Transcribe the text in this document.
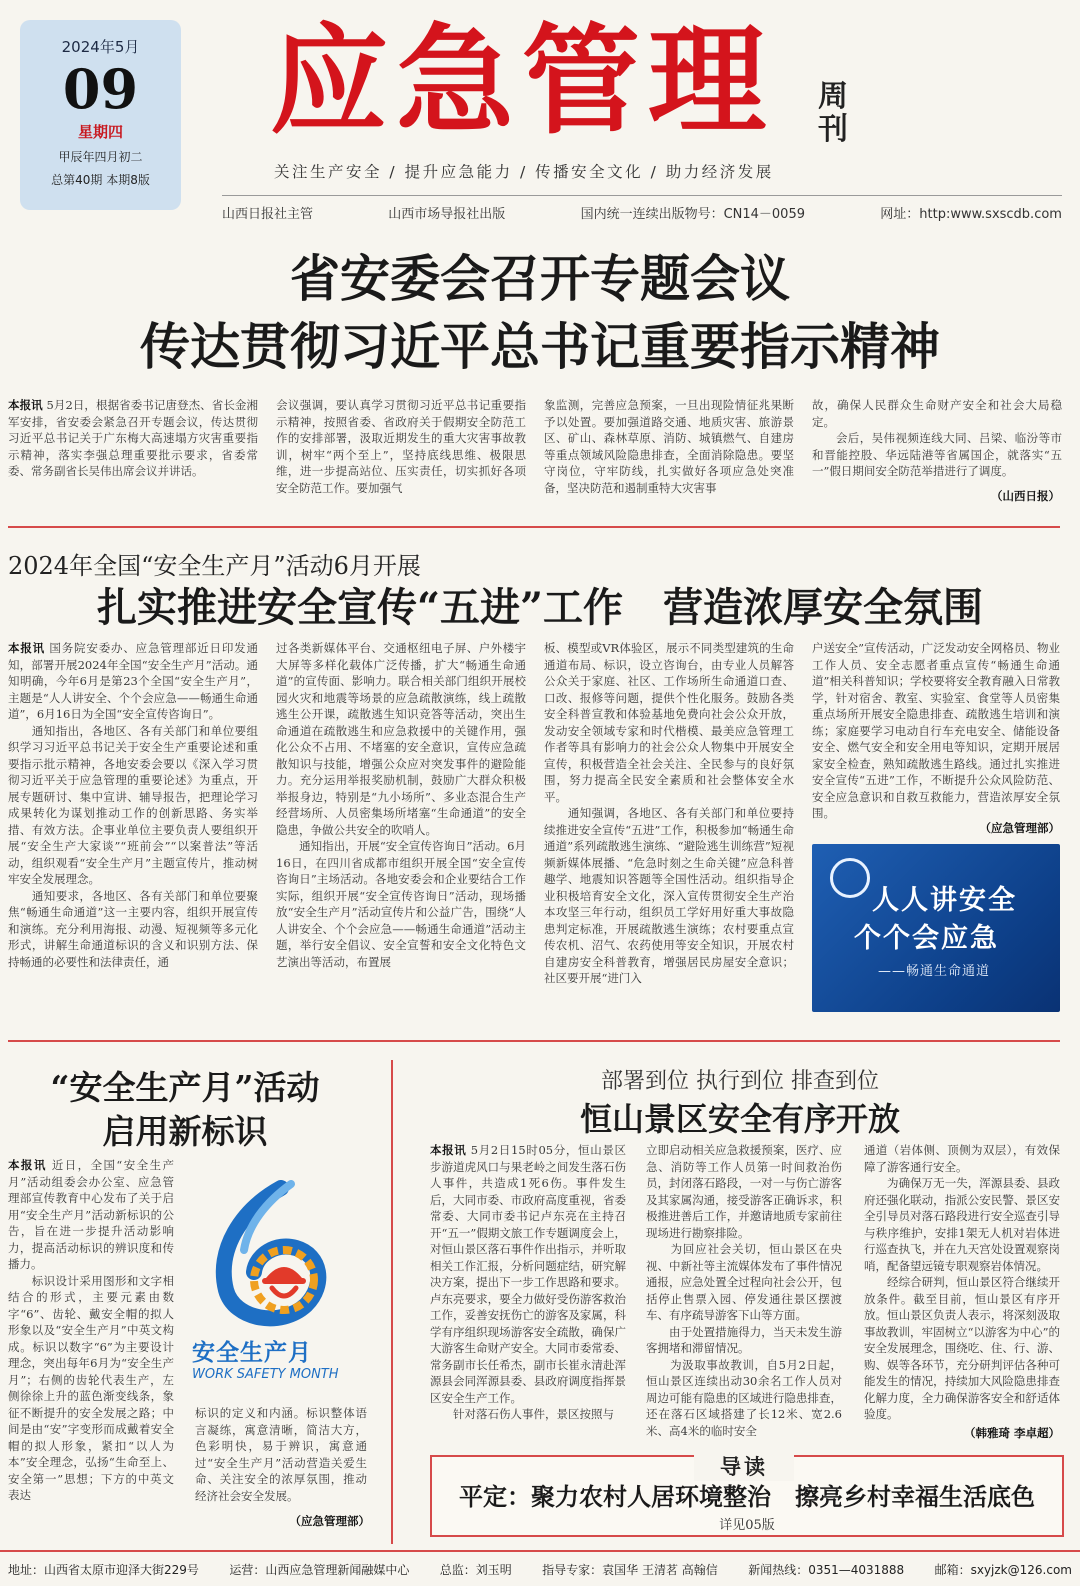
2024年5月
09
星期四
甲辰年四月初二
总第40期 本期8版
应急管理	周刊
关注生产安全 / 提升应急能力 / 传播安全文化 / 助力经济发展
山西日报社主管	山西市场导报社出版	国内统一连续出版物号：CN14－0059	网址：http:www.sxscdb.com
省安委会召开专题会议
传达贯彻习近平总书记重要指示精神
本报讯 5月2日，根据省委书记唐登杰、省长金湘军安排，省安委会紧急召开专题会议，传达贯彻习近平总书记关于广东梅大高速塌方灾害重要指示精神，落实李强总理重要批示要求，省委常委、常务副省长吴伟出席会议并讲话。
会议强调，要认真学习贯彻习近平总书记重要指示精神，按照省委、省政府关于假期安全防范工作的安排部署，汲取近期发生的重大灾害事故教训，树牢“两个至上”，坚持底线思维、极限思维，进一步提高站位、压实责任，切实抓好各项安全防范工作。要加强气
象监测，完善应急预案，一旦出现险情征兆果断予以处置。要加强道路交通、地质灾害、旅游景区、矿山、森林草原、消防、城镇燃气、自建房等重点领域风险隐患排查，全面消除隐患。要坚守岗位，守牢防线，扎实做好各项应急处突准备，坚决防范和遏制重特大灾害事
故，确保人民群众生命财产安全和社会大局稳定。
　　会后，吴伟视频连线大同、吕梁、临汾等市和晋能控股、华远陆港等省属国企，就落实“五一”假日期间安全防范举措进行了调度。
（山西日报）
2024年全国“安全生产月”活动6月开展
扎实推进安全宣传“五进”工作　营造浓厚安全氛围
本报讯 国务院安委办、应急管理部近日印发通知，部署开展2024年全国“安全生产月”活动。通知明确，今年6月是第23个全国“安全生产月”，主题是“人人讲安全、个个会应急——畅通生命通道”，6月16日为全国“安全宣传咨询日”。
　　通知指出，各地区、各有关部门和单位要组织学习习近平总书记关于安全生产重要论述和重要指示批示精神，各地安委会要以《深入学习贯彻习近平关于应急管理的重要论述》为重点，开展专题研讨、集中宣讲、辅导报告，把理论学习成果转化为谋划推动工作的创新思路、务实举措、有效方法。企事业单位主要负责人要组织开展“安全生产大家谈”“班前会”“以案普法”等活动，组织观看“安全生产月”主题宣传片，推动树牢安全发展理念。
　　通知要求，各地区、各有关部门和单位要聚焦“畅通生命通道”这一主要内容，组织开展宣传和演练。充分利用海报、动漫、短视频等多元化形式，讲解生命通道标识的含义和识别方法、保持畅通的必要性和法律责任，通
过各类新媒体平台、交通枢纽电子屏、户外楼宇大屏等多样化载体广泛传播，扩大“畅通生命通道”的宣传面、影响力。联合相关部门组织开展校园火灾和地震等场景的应急疏散演练，线上疏散逃生公开课，疏散逃生知识竞答等活动，突出生命通道在疏散逃生和应急救援中的关键作用，强化公众不占用、不堵塞的安全意识，宣传应急疏散知识与技能，增强公众应对突发事件的避险能力。充分运用举报奖励机制，鼓励广大群众积极举报身边，特别是“九小场所”、多业态混合生产经营场所、人员密集场所堵塞“生命通道”的安全隐患，争做公共安全的吹哨人。
　　通知指出，开展“安全宣传咨询日”活动。6月16日，在四川省成都市组织开展全国“安全宣传咨询日”主场活动。各地安委会和企业要结合工作实际，组织开展“安全宣传咨询日”活动，现场播放“安全生产月”活动宣传片和公益广告，围绕“人人讲安全、个个会应急——畅通生命通道”活动主题，举行安全倡议、安全宣誓和安全文化特色文艺演出等活动，布置展
板、模型或VR体验区，展示不同类型建筑的生命通道布局、标识，设立咨询台，由专业人员解答公众关于家庭、社区、工作场所生命通道口查、口改、报修等问题，提供个性化服务。鼓励各类安全科普宣教和体验基地免费向社会公众开放，发动安全领域专家和时代楷模、最美应急管理工作者等具有影响力的社会公众人物集中开展安全宣传，积极营造全社会关注、全民参与的良好氛围，努力提高全民安全素质和社会整体安全水平。
　　通知强调，各地区、各有关部门和单位要持续推进安全宣传“五进”工作，积极参加“畅通生命通道”系列疏散逃生演练、“避险逃生训练营”短视频新媒体展播、“危急时刻之生命关键”应急科普趣学、地震知识答题等全国性活动。组织指导企业积极培育安全文化，深入宣传贯彻安全生产治本攻坚三年行动，组织员工学好用好重大事故隐患判定标准，开展疏散逃生演练；农村要重点宣传农机、沼气、农药使用等安全知识，开展农村自建房安全科普教育，增强居民房屋安全意识；社区要开展“进门入
户送安全”宣传活动，广泛发动安全网格员、物业工作人员、安全志愿者重点宣传“畅通生命通道”相关科普知识；学校要将安全教育融入日常教学，针对宿舍、教室、实验室、食堂等人员密集重点场所开展安全隐患排查、疏散逃生培训和演练；家庭要学习电动自行车充电安全、储能设备安全、燃气安全和安全用电等知识，定期开展居家安全检查，熟知疏散逃生路线。通过扎实推进安全宣传“五进”工作，不断提升公众风险防范、安全应急意识和自救互救能力，营造浓厚安全氛围。
（应急管理部）
人人讲安全
个个会应急
——畅通生命通道
“安全生产月”活动
启用新标识
本报讯 近日，全国“安全生产月”活动组委会办公室、应急管理部宣传教育中心发布了关于启用“安全生产月”活动新标识的公告，旨在进一步提升活动影响力，提高活动标识的辨识度和传播力。
　　标识设计采用图形和文字相结合的形式，主要元素由数字“6”、齿轮、戴安全帽的拟人形象以及“安全生产月”中英文构成。标识以数字“6”为主要设计理念，突出每年6月为“安全生产月”；右侧的齿轮代表生产，左侧徐徐上升的蓝色渐变线条，象征不断提升的安全发展之路；中间是由“安”字变形而成戴着安全帽的拟人形象，紧扣“以人为本”安全理念，弘扬“生命至上、安全第一”思想；下方的中英文表达
安全生产月
WORK SAFETY MONTH
标识的定义和内涵。标识整体语言凝练，寓意清晰，简洁大方，色彩明快，易于辨识，寓意通过“安全生产月”活动营造关爱生命、关注安全的浓厚氛围，推动经济社会安全发展。
（应急管理部）
部署到位 执行到位 排查到位
恒山景区安全有序开放
本报讯 5月2日15时05分，恒山景区步游道虎风口与果老岭之间发生落石伤人事件，共造成1死6伤。事件发生后，大同市委、市政府高度重视，省委常委、大同市委书记卢东亮在主持召开“五一”假期文旅工作专题调度会上，对恒山景区落石事件作出指示，并听取相关工作汇报，分析问题症结，研究解决方案，提出下一步工作思路和要求。卢东亮要求，要全力做好受伤游客救治工作，妥善安抚伤亡的游客及家属，科学有序组织现场游客安全疏散，确保广大游客生命财产安全。大同市委常委、常务副市长任希杰，副市长崔永清赴浑源县会同浑源县委、县政府调度指挥景区安全生产工作。
　　针对落石伤人事件，景区按照与
立即启动相关应急救援预案，医疗、应急、消防等工作人员第一时间救治伤员，封闭落石路段，一对一与伤亡游客及其家属沟通，接受游客正确诉求，积极推进善后工作，并邀请地质专家前往现场进行勘察排险。
　　为回应社会关切，恒山景区在央视、中新社等主流媒体发布了事件情况通报，应急处置全过程向社会公开，包括停止售票入园、停发通往景区摆渡车、有序疏导游客下山等方面。
　　由于处置措施得力，当天未发生游客拥堵和滞留情况。
　　为汲取事故教训，自5月2日起，恒山景区连续出动30余名工作人员对周边可能有隐患的区域进行隐患排查，还在落石区域搭建了长12米、宽2.6米、高4米的临时安全
通道（岩体侧、顶侧为双层），有效保障了游客通行安全。
　　为确保万无一失，浑源县委、县政府还强化联动，指派公安民警、景区安全引导员对落石路段进行安全巡查引导与秩序维护，安排1架无人机对岩体进行巡查执飞，并在九天宫处设置观察岗哨，配备望远镜专职观察岩体情况。
　　经综合研判，恒山景区符合继续开放条件。截至目前，恒山景区有序开放。恒山景区负责人表示，将深刻汲取事故教训，牢固树立“以游客为中心”的安全发展理念，围绕吃、住、行、游、购、娱等各环节，充分研判评估各种可能发生的情况，持续加大风险隐患排查化解力度，全力确保游客安全和舒适体验度。
（韩雅琦 李卓超）
导读
平定：聚力农村人居环境整治　擦亮乡村幸福生活底色
详见05版
地址：山西省太原市迎泽大街229号	运营：山西应急管理新闻融媒中心	总监：刘玉明	指导专家：袁国华 王清茗 高翰信	新闻热线：0351—4031888	邮箱：sxyjzk@126.com
